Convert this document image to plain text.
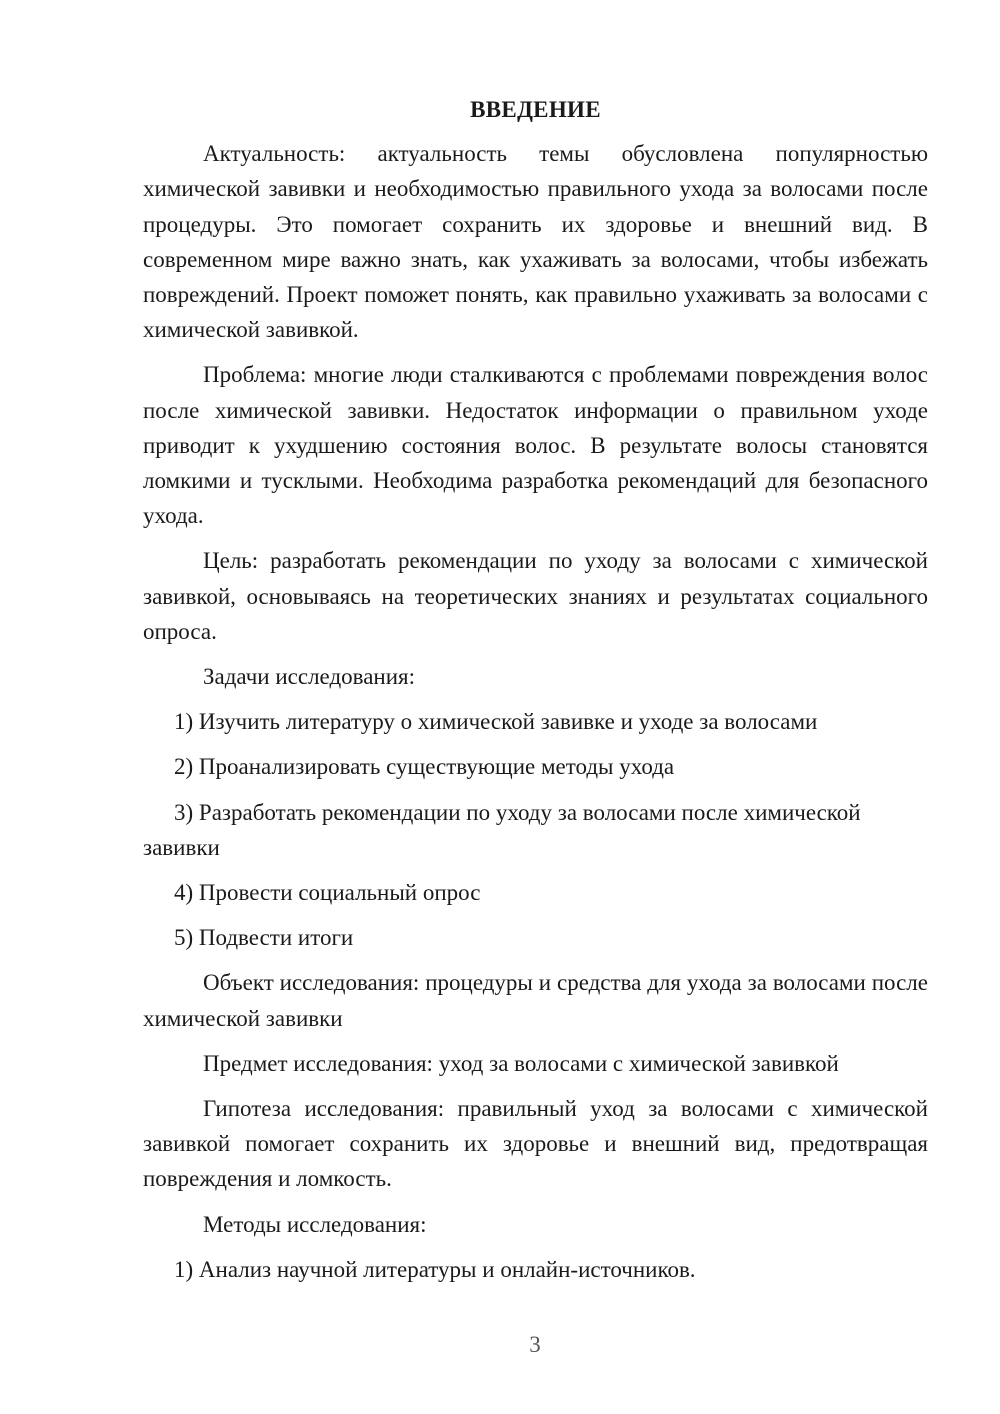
ВВЕДЕНИЕ

Актуальность: актуальность темы обусловлена популярностью химической завивки и необходимостью правильного ухода за волосами после процедуры. Это помогает сохранить их здоровье и внешний вид. В современном мире важно знать, как ухаживать за волосами, чтобы избежать повреждений. Проект поможет понять, как правильно ухаживать за волосами с химической завивкой.

Проблема: многие люди сталкиваются с проблемами повреждения волос после химической завивки. Недостаток информации о правильном уходе приводит к ухудшению состояния волос. В результате волосы становятся ломкими и тусклыми. Необходима разработка рекомендаций для безопасного ухода.

Цель: разработать рекомендации по уходу за волосами с химической завивкой, основываясь на теоретических знаниях и результатах социального опроса.

Задачи исследования:

1) Изучить литературу о химической завивке и уходе за волосами

2) Проанализировать существующие методы ухода

3) Разработать рекомендации по уходу за волосами после химической завивки

4) Провести социальный опрос

5) Подвести итоги

Объект исследования: процедуры и средства для ухода за волосами после химической завивки

Предмет исследования: уход за волосами с химической завивкой

Гипотеза исследования: правильный уход за волосами с химической завивкой помогает сохранить их здоровье и внешний вид, предотвращая повреждения и ломкость.

Методы исследования:

1) Анализ научной литературы и онлайн-источников.

3
